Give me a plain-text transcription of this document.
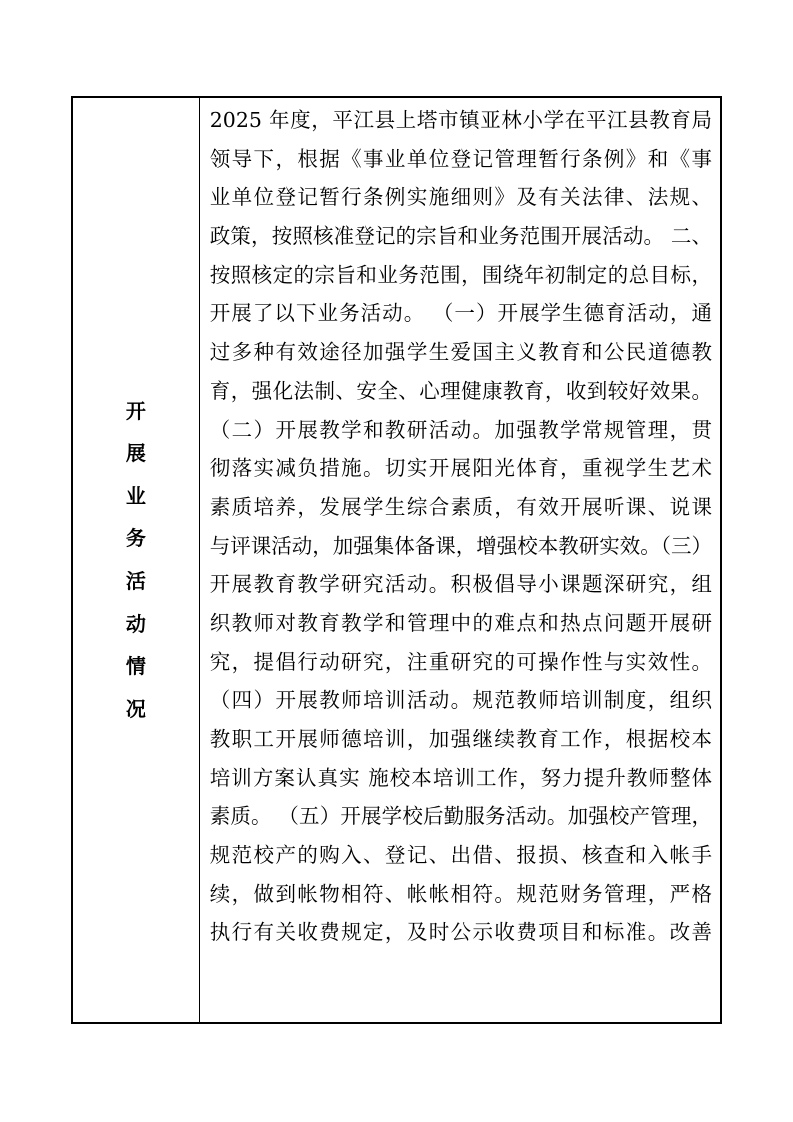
开
展
业
务
活
动
情
况
2025 年度，平江县上塔市镇亚林小学在平江县教育局
领导下，根据《事业单位登记管理暂行条例》和《事
业单位登记暂行条例实施细则》及有关法律、法规、
政策，按照核准登记的宗旨和业务范围开展活动。 二、
按照核定的宗旨和业务范围，围绕年初制定的总目标，
开展了以下业务活动。 （一）开展学生德育活动，通
过多种有效途径加强学生爱国主义教育和公民道德教
育，强化法制、安全、心理健康教育，收到较好效果。
（二）开展教学和教研活动。加强教学常规管理，贯
彻落实减负措施。切实开展阳光体育，重视学生艺术
素质培养，发展学生综合素质，有效开展听课、说课
与评课活动，加强集体备课，增强校本教研实效。（三）
开展教育教学研究活动。积极倡导小课题深研究，组
织教师对教育教学和管理中的难点和热点问题开展研
究，提倡行动研究，注重研究的可操作性与实效性。
（四）开展教师培训活动。规范教师培训制度，组织
教职工开展师德培训，加强继续教育工作，根据校本
培训方案认真实 施校本培训工作，努力提升教师整体
素质。 （五）开展学校后勤服务活动。加强校产管理，
规范校产的购入、登记、出借、报损、核查和入帐手
续，做到帐物相符、帐帐相符。规范财务管理，严格
执行有关收费规定，及时公示收费项目和标准。改善
